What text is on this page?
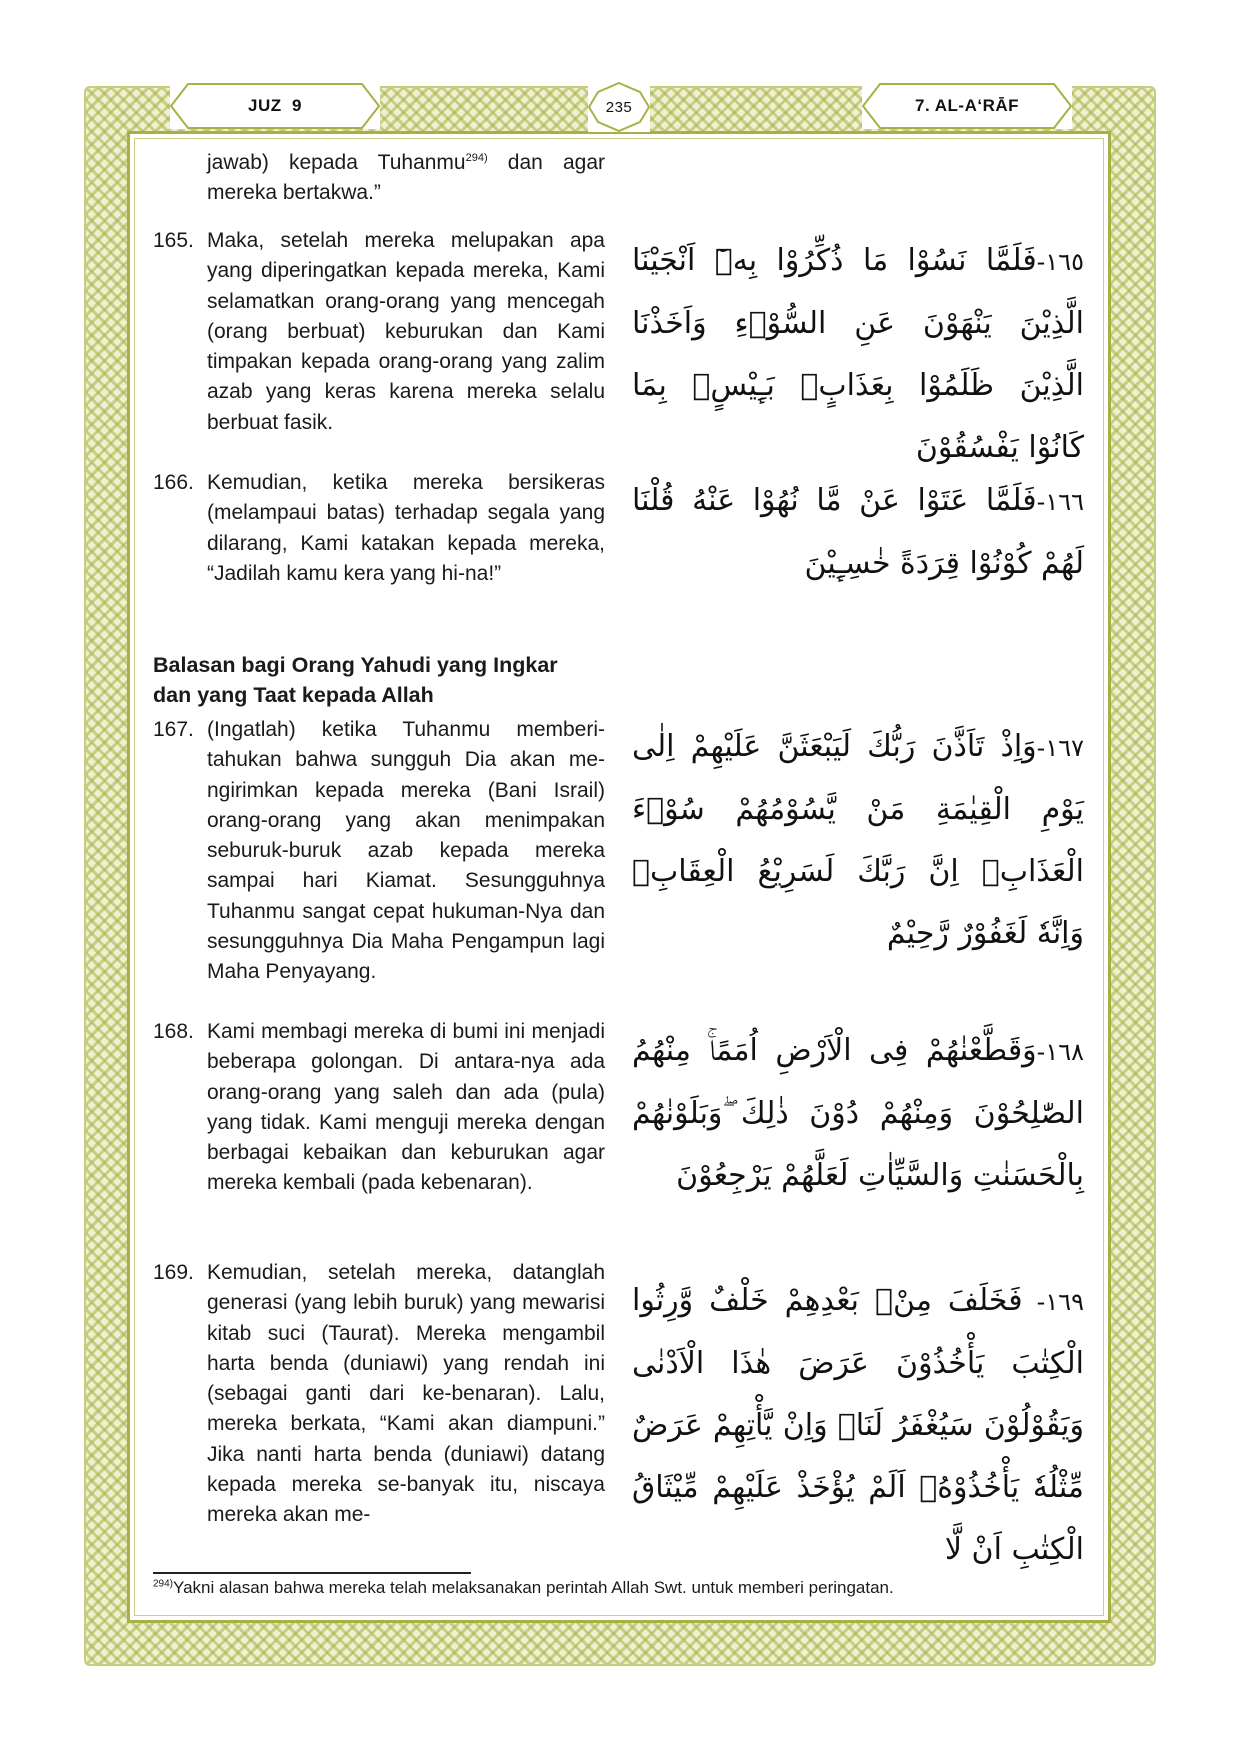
JUZ  9	235	7. AL-A‘RĀF
jawab) kepada Tuhanmu$^{294)}$ dan agar mereka bertakwa.”
165. Maka, setelah mereka melupakan apa yang diperingatkan kepada mereka, Kami selamatkan orang-orang yang mencegah (orang berbuat) keburukan dan Kami timpakan kepada orang-orang yang zalim azab yang keras karena mereka selalu berbuat fasik.
١٦٥-فَلَمَّا نَسُوْا مَا ذُكِّرُوْا بِهٖٓ اَنْجَيْنَا الَّذِيْنَ يَنْهَوْنَ عَنِ السُّوْۤءِ وَاَخَذْنَا الَّذِيْنَ ظَلَمُوْا بِعَذَابٍۢ بَـِٕيْسٍۢ بِمَا كَانُوْا يَفْسُقُوْنَ
166. Kemudian, ketika mereka bersikeras (melampaui batas) terhadap segala yang dilarang, Kami katakan kepada mereka, “Jadilah kamu kera yang hi-na!”
١٦٦-فَلَمَّا عَتَوْا عَنْ مَّا نُهُوْا عَنْهُ قُلْنَا لَهُمْ كُوْنُوْا قِرَدَةً خٰسِـِٕيْنَ
Balasan bagi Orang Yahudi yang Ingkar
dan yang Taat kepada Allah
167. (Ingatlah) ketika Tuhanmu memberi-tahukan bahwa sungguh Dia akan me-ngirimkan kepada mereka (Bani Israil) orang-orang yang akan menimpakan seburuk-buruk azab kepada mereka sampai hari Kiamat. Sesungguhnya Tuhanmu sangat cepat hukuman-Nya dan sesungguhnya Dia Maha Pengampun lagi Maha Penyayang.
١٦٧-وَاِذْ تَاَذَّنَ رَبُّكَ لَيَبْعَثَنَّ عَلَيْهِمْ اِلٰى يَوْمِ الْقِيٰمَةِ مَنْ يَّسُوْمُهُمْ سُوْۤءَ الْعَذَابِۗ اِنَّ رَبَّكَ لَسَرِيْعُ الْعِقَابِۖ وَاِنَّهٗ لَغَفُوْرٌ رَّحِيْمٌ
168. Kami membagi mereka di bumi ini menjadi beberapa golongan. Di antara-nya ada orang-orang yang saleh dan ada (pula) yang tidak. Kami menguji mereka dengan berbagai kebaikan dan keburukan agar mereka kembali (pada kebenaran).
١٦٨-وَقَطَّعْنٰهُمْ فِى الْاَرْضِ اُمَمًاۚ مِنْهُمُ الصّٰلِحُوْنَ وَمِنْهُمْ دُوْنَ ذٰلِكَ ۖوَبَلَوْنٰهُمْ بِالْحَسَنٰتِ وَالسَّيِّاٰتِ لَعَلَّهُمْ يَرْجِعُوْنَ
169. Kemudian, setelah mereka, datanglah generasi (yang lebih buruk) yang mewarisi kitab suci (Taurat). Mereka mengambil harta benda (duniawi) yang rendah ini (sebagai ganti dari ke-benaran). Lalu, mereka berkata, “Kami akan diampuni.” Jika nanti harta benda (duniawi) datang kepada mereka se-banyak itu, niscaya mereka akan me-
١٦٩- فَخَلَفَ مِنْۢ بَعْدِهِمْ خَلْفٌ وَّرِثُوا الْكِتٰبَ يَأْخُذُوْنَ عَرَضَ هٰذَا الْاَدْنٰى وَيَقُوْلُوْنَ سَيُغْفَرُ لَنَاۚ وَاِنْ يَّأْتِهِمْ عَرَضٌ مِّثْلُهٗ يَأْخُذُوْهُۗ اَلَمْ يُؤْخَذْ عَلَيْهِمْ مِّيْثَاقُ الْكِتٰبِ اَنْ لَّا
$^{294)}$Yakni alasan bahwa mereka telah melaksanakan perintah Allah Swt. untuk memberi peringatan.
